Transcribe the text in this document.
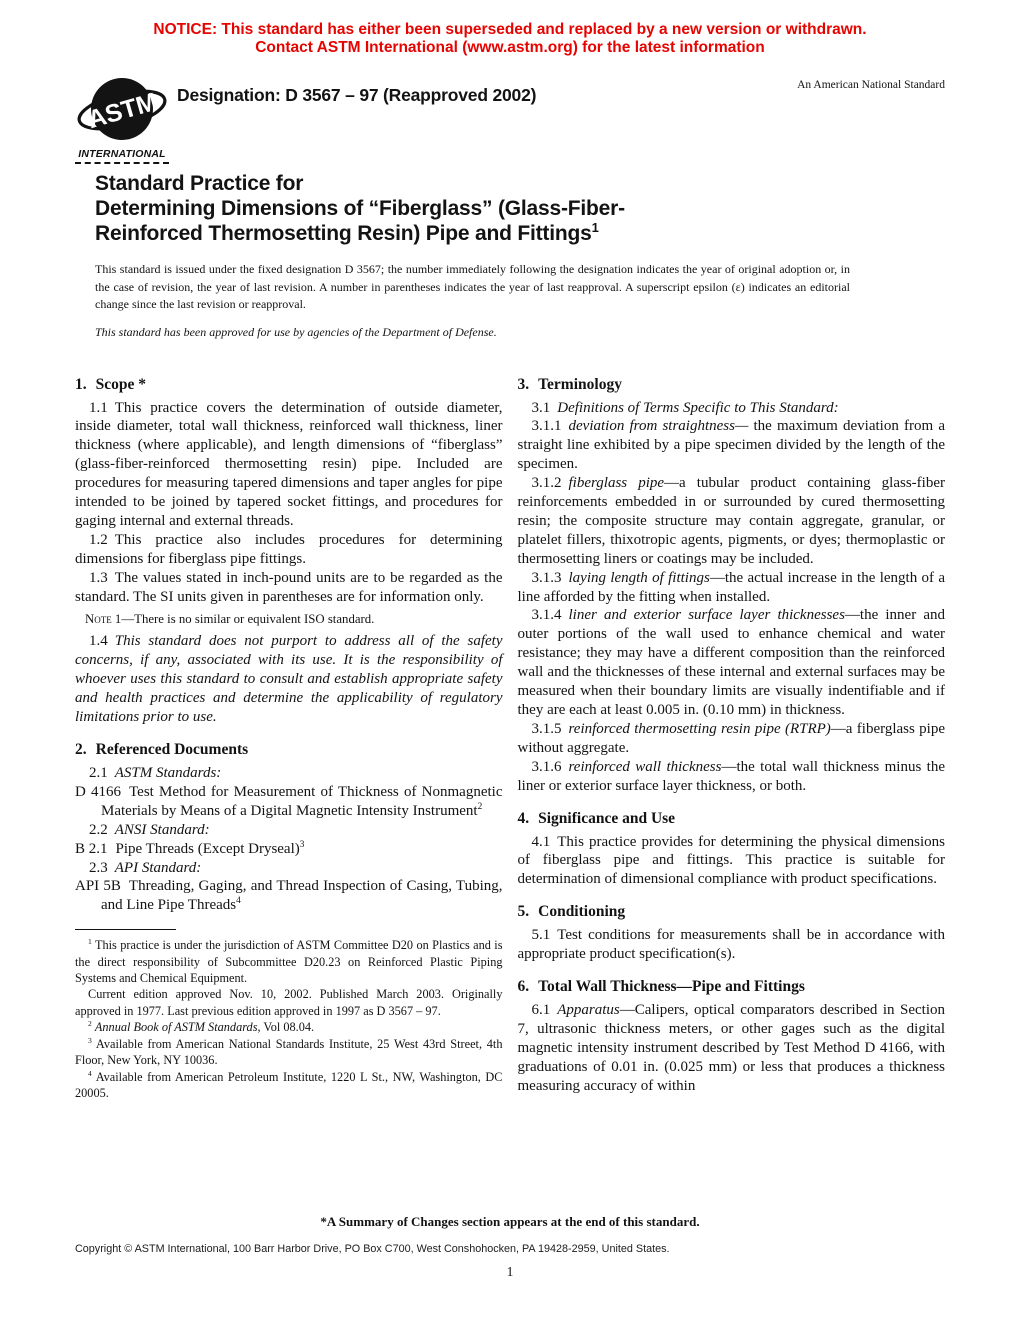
NOTICE: This standard has either been superseded and replaced by a new version or withdrawn.
Contact ASTM International (www.astm.org) for the latest information
ASTM
INTERNATIONAL
Designation: D 3567 – 97 (Reapproved 2002)	An American National Standard
Standard Practice for
Determining Dimensions of “Fiberglass” (Glass-Fiber-
Reinforced Thermosetting Resin) Pipe and Fittings$^1$

This standard is issued under the fixed designation D 3567; the number immediately following the designation indicates the year of original adoption or, in the case of revision, the year of last revision. A number in parentheses indicates the year of last reapproval. A superscript epsilon (ε) indicates an editorial change since the last revision or reapproval.

This standard has been approved for use by agencies of the Department of Defense.

1. Scope *

1.1 This practice covers the determination of outside diameter, inside diameter, total wall thickness, reinforced wall thickness, liner thickness (where applicable), and length dimensions of “fiberglass” (glass-fiber-reinforced thermosetting resin) pipe. Included are procedures for measuring tapered dimensions and taper angles for pipe intended to be joined by tapered socket fittings, and procedures for gaging internal and external threads.

1.2 This practice also includes procedures for determining dimensions for fiberglass pipe fittings.

1.3 The values stated in inch-pound units are to be regarded as the standard. The SI units given in parentheses are for information only.

Note 1—There is no similar or equivalent ISO standard.

1.4 This standard does not purport to address all of the safety concerns, if any, associated with its use. It is the responsibility of whoever uses this standard to consult and establish appropriate safety and health practices and determine the applicability of regulatory limitations prior to use.

2. Referenced Documents

2.1 ASTM Standards:

D 4166 Test Method for Measurement of Thickness of Nonmagnetic Materials by Means of a Digital Magnetic Intensity Instrument$^2$

2.2 ANSI Standard:

B 2.1 Pipe Threads (Except Dryseal)$^3$

2.3 API Standard:

API 5B Threading, Gaging, and Thread Inspection of Casing, Tubing, and Line Pipe Threads$^4$

$^1$ This practice is under the jurisdiction of ASTM Committee D20 on Plastics and is the direct responsibility of Subcommittee D20.23 on Reinforced Plastic Piping Systems and Chemical Equipment.

Current edition approved Nov. 10, 2002. Published March 2003. Originally approved in 1977. Last previous edition approved in 1997 as D 3567 – 97.

$^2$ Annual Book of ASTM Standards, Vol 08.04.

$^3$ Available from American National Standards Institute, 25 West 43rd Street, 4th Floor, New York, NY 10036.

$^4$ Available from American Petroleum Institute, 1220 L St., NW, Washington, DC 20005.

3. Terminology

3.1 Definitions of Terms Specific to This Standard:

3.1.1 deviation from straightness— the maximum deviation from a straight line exhibited by a pipe specimen divided by the length of the specimen.

3.1.2 fiberglass pipe—a tubular product containing glass-fiber reinforcements embedded in or surrounded by cured thermosetting resin; the composite structure may contain aggregate, granular, or platelet fillers, thixotropic agents, pigments, or dyes; thermoplastic or thermosetting liners or coatings may be included.

3.1.3 laying length of fittings—the actual increase in the length of a line afforded by the fitting when installed.

3.1.4 liner and exterior surface layer thicknesses—the inner and outer portions of the wall used to enhance chemical and water resistance; they may have a different composition than the reinforced wall and the thicknesses of these internal and external surfaces may be measured when their boundary limits are visually indentifiable and if they are each at least 0.005 in. (0.10 mm) in thickness.

3.1.5 reinforced thermosetting resin pipe (RTRP)—a fiberglass pipe without aggregate.

3.1.6 reinforced wall thickness—the total wall thickness minus the liner or exterior surface layer thickness, or both.

4. Significance and Use

4.1 This practice provides for determining the physical dimensions of fiberglass pipe and fittings. This practice is suitable for determination of dimensional compliance with product specifications.

5. Conditioning

5.1 Test conditions for measurements shall be in accordance with appropriate product specification(s).

6. Total Wall Thickness—Pipe and Fittings

6.1 Apparatus—Calipers, optical comparators described in Section 7, ultrasonic thickness meters, or other gages such as the digital magnetic intensity instrument described by Test Method D 4166, with graduations of 0.01 in. (0.025 mm) or less that produces a thickness measuring accuracy of within

*A Summary of Changes section appears at the end of this standard.
Copyright © ASTM International, 100 Barr Harbor Drive, PO Box C700, West Conshohocken, PA 19428-2959, United States.
1
